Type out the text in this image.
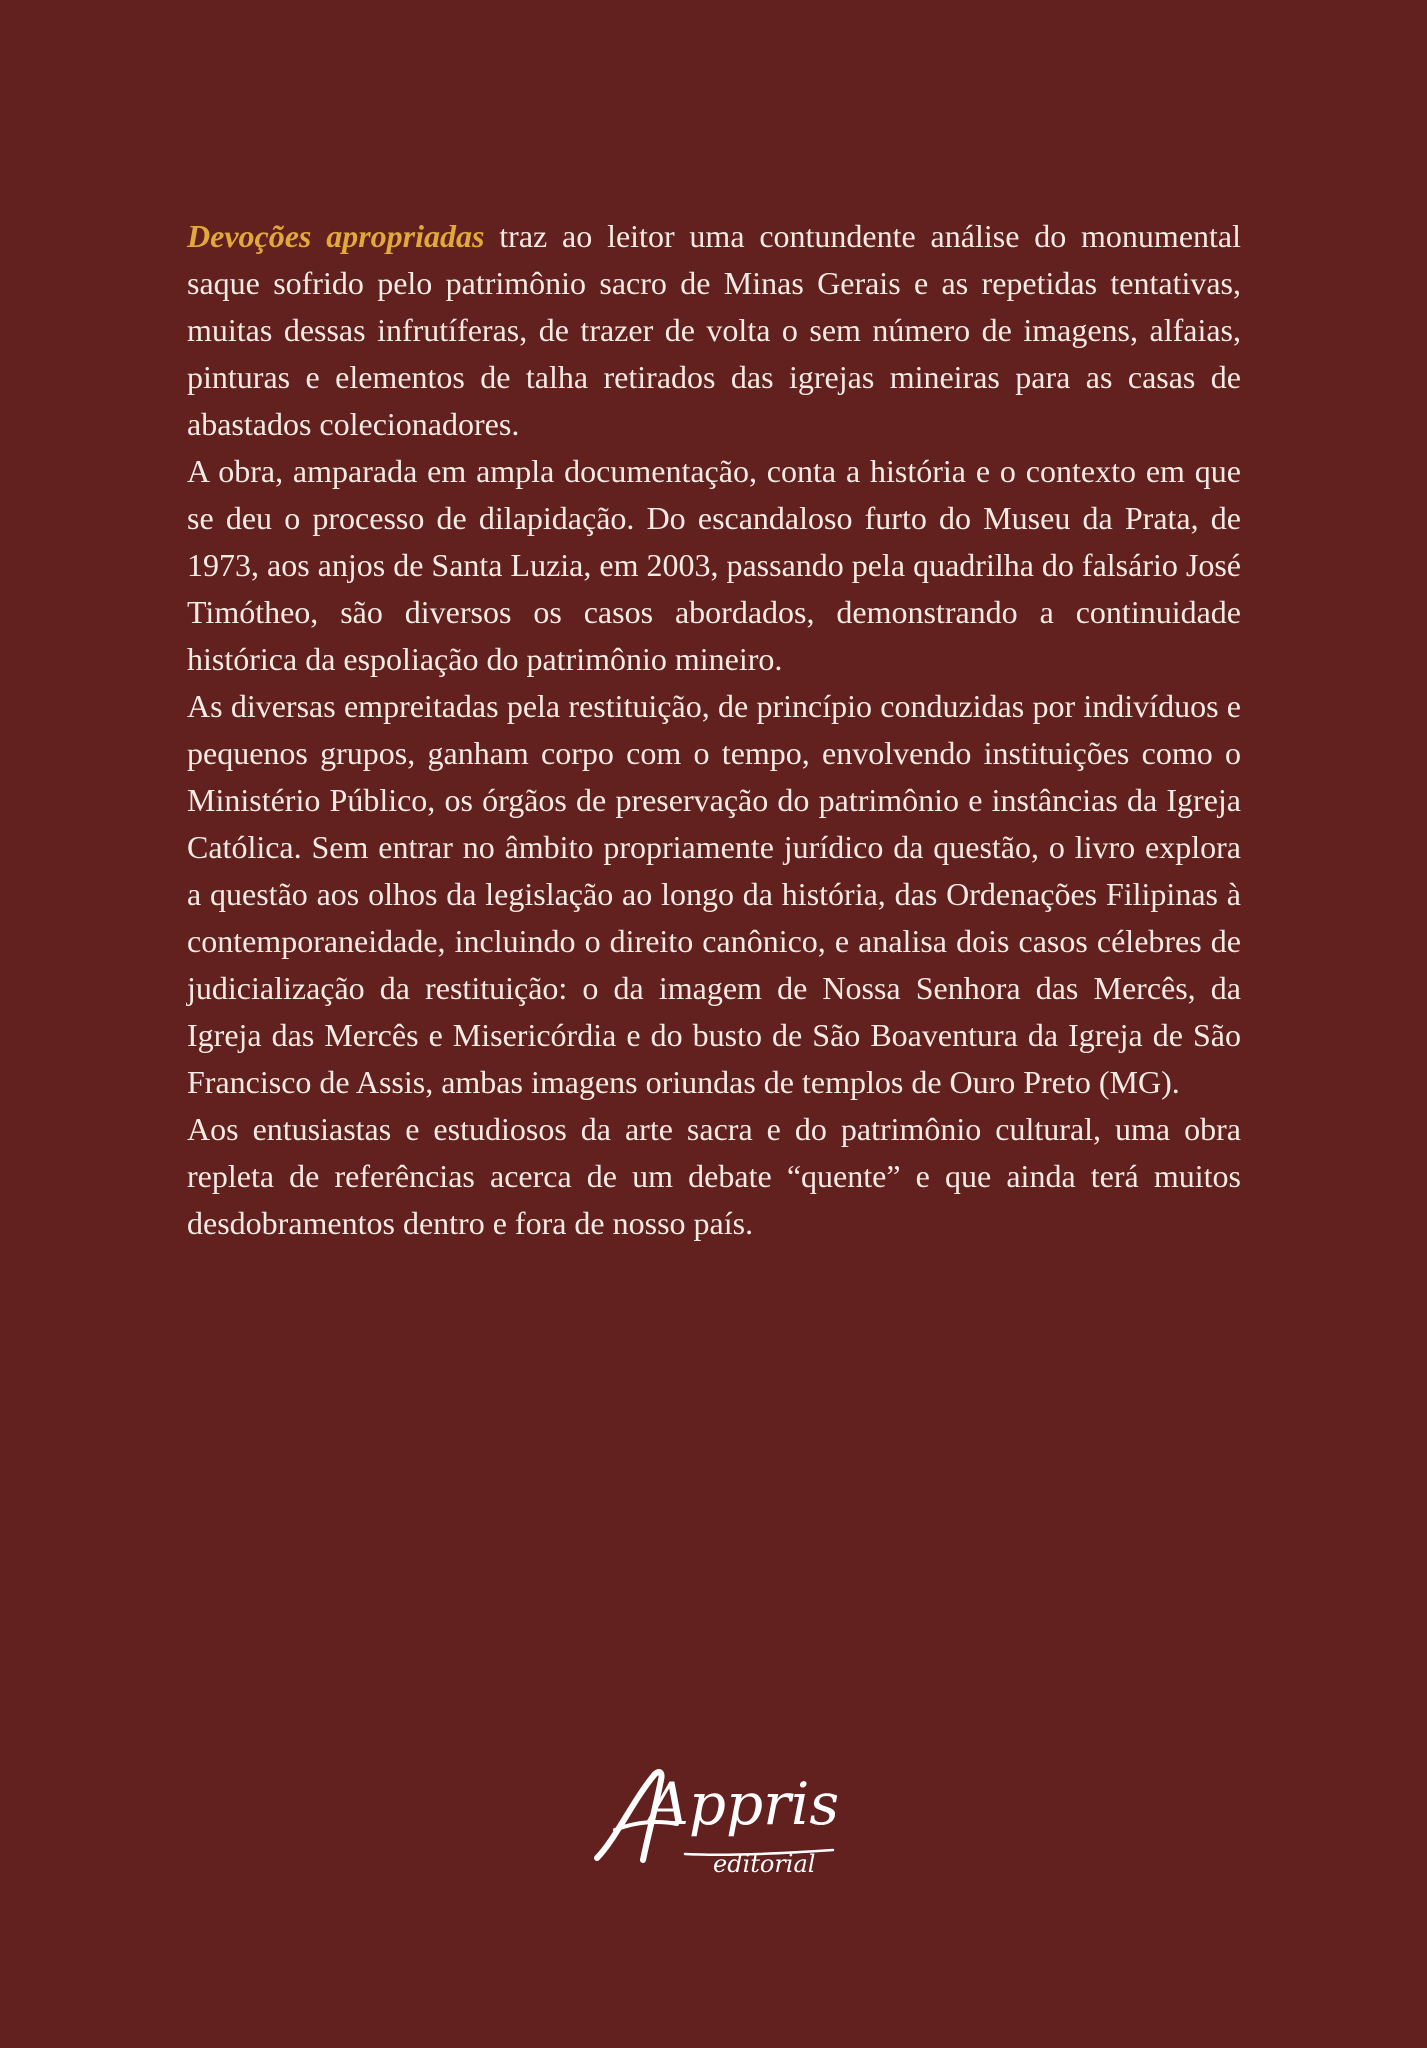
Devoções apropriadas traz ao leitor uma contundente análise do monumental saque sofrido pelo patrimônio sacro de Minas Gerais e as repetidas tentativas, muitas dessas infrutíferas, de trazer de volta o sem número de imagens, alfaias, pinturas e elementos de talha retirados das igrejas mineiras para as casas de abastados colecionadores.

A obra, amparada em ampla documentação, conta a história e o contexto em que se deu o processo de dilapidação. Do escandaloso furto do Museu da Prata, de 1973, aos anjos de Santa Luzia, em 2003, passando pela quadrilha do falsário José Timótheo, são diversos os casos abordados, demonstrando a continuidade histórica da espoliação do patrimônio mineiro.

As diversas empreitadas pela restituição, de princípio conduzidas por indivíduos e pequenos grupos, ganham corpo com o tempo, envolvendo instituições como o Ministério Público, os órgãos de preservação do patrimônio e instâncias da Igreja Católica. Sem entrar no âmbito propriamente jurídico da questão, o livro explora a questão aos olhos da legislação ao longo da história, das Ordenações Filipinas à contemporaneidade, incluindo o direito canônico, e analisa dois casos célebres de judicialização da restituição: o da imagem de Nossa Senhora das Mercês, da Igreja das Mercês e Misericórdia e do busto de São Boaventura da Igreja de São Francisco de Assis, ambas imagens oriundas de templos de Ouro Preto (MG).

Aos entusiastas e estudiosos da arte sacra e do patrimônio cultural, uma obra repleta de referências acerca de um debate “quente” e que ainda terá muitos desdobramentos dentro e fora de nosso país.

Appris
editorial
